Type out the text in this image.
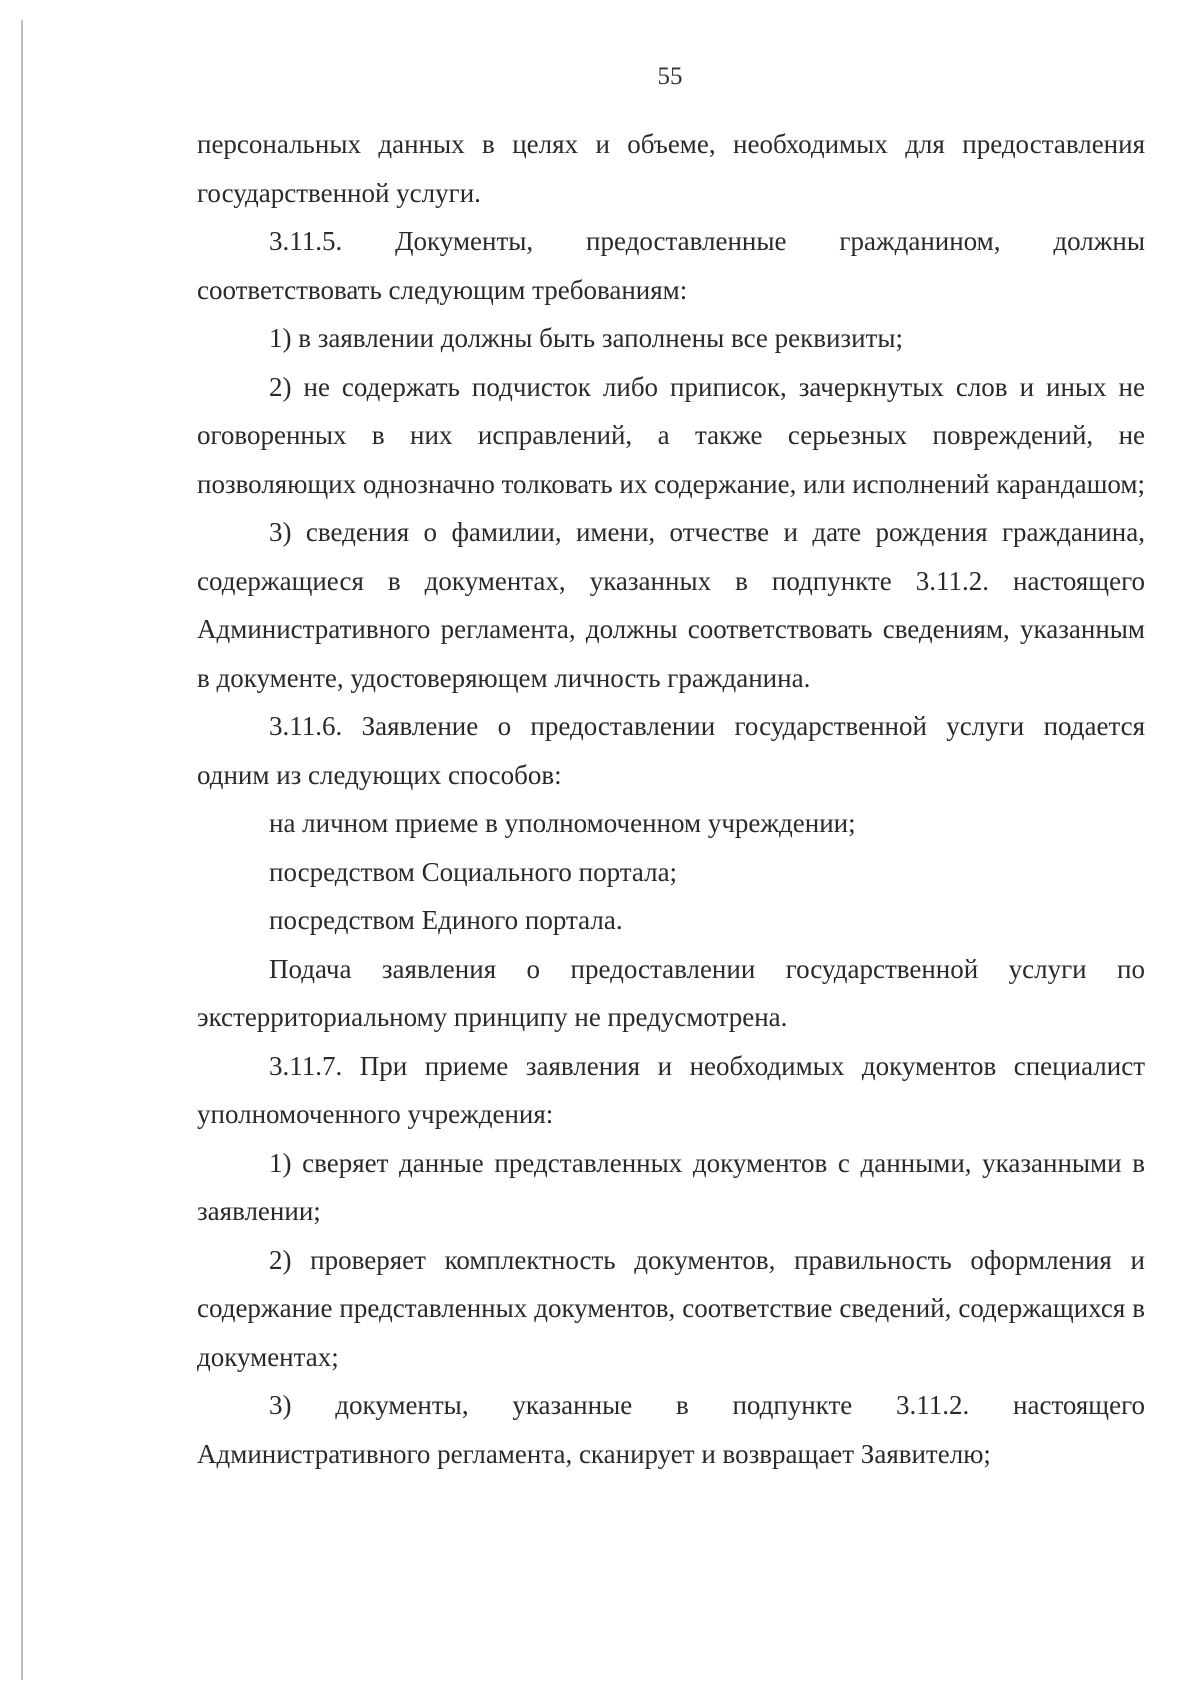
55

персональных данных в целях и объеме, необходимых для предоставления государственной услуги.

3.11.5. Документы, предоставленные гражданином, должны соответствовать следующим требованиям:

1) в заявлении должны быть заполнены все реквизиты;

2) не содержать подчисток либо приписок, зачеркнутых слов и иных не оговоренных в них исправлений, а также серьезных повреждений, не позволяющих однозначно толковать их содержание, или исполнений карандашом;

3) сведения о фамилии, имени, отчестве и дате рождения гражданина, содержащиеся в документах, указанных в подпункте 3.11.2. настоящего Административного регламента, должны соответствовать сведениям, указанным в документе, удостоверяющем личность гражданина.

3.11.6. Заявление о предоставлении государственной услуги подается одним из следующих способов:

на личном приеме в уполномоченном учреждении;

посредством Социального портала;

посредством Единого портала.

Подача заявления о предоставлении государственной услуги по экстерриториальному принципу не предусмотрена.

3.11.7. При приеме заявления и необходимых документов специалист уполномоченного учреждения:

1) сверяет данные представленных документов с данными, указанными в заявлении;

2) проверяет комплектность документов, правильность оформления и содержание представленных документов, соответствие сведений, содержащихся в документах;

3) документы, указанные в подпункте 3.11.2. настоящего Административного регламента, сканирует и возвращает Заявителю;
